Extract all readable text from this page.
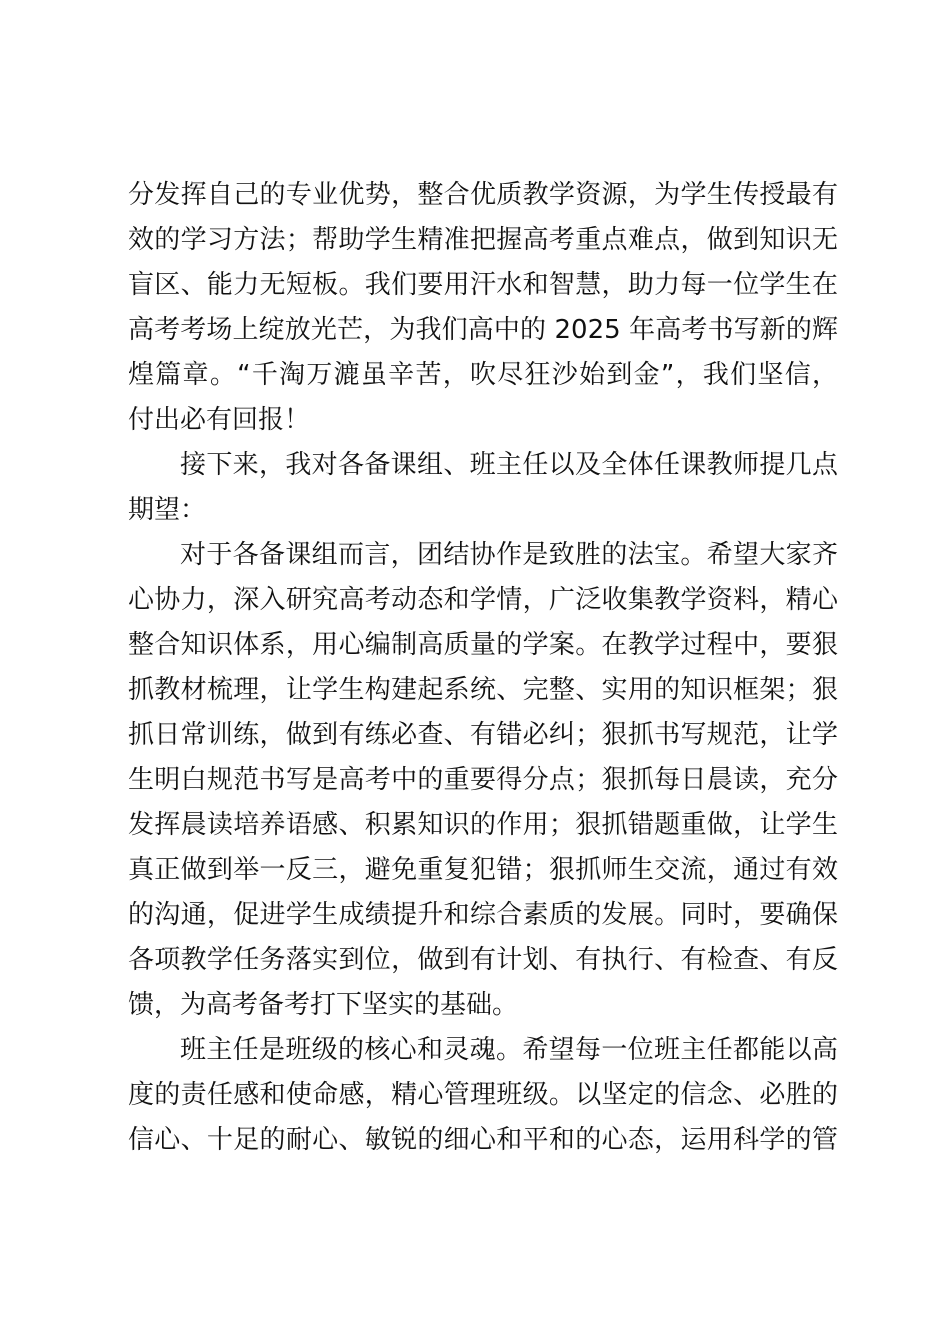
分发挥自己的专业优势，整合优质教学资源，为学生传授最有
效的学习方法；帮助学生精准把握高考重点难点，做到知识无
盲区、能力无短板。我们要用汗水和智慧，助力每一位学生在
高考考场上绽放光芒，为我们高中的 2025 年高考书写新的辉
煌篇章。“千淘万漉虽辛苦，吹尽狂沙始到金”，我们坚信，
付出必有回报！
接下来，我对各备课组、班主任以及全体任课教师提几点
期望：
对于各备课组而言，团结协作是致胜的法宝。希望大家齐
心协力，深入研究高考动态和学情，广泛收集教学资料，精心
整合知识体系，用心编制高质量的学案。在教学过程中，要狠
抓教材梳理，让学生构建起系统、完整、实用的知识框架；狠
抓日常训练，做到有练必查、有错必纠；狠抓书写规范，让学
生明白规范书写是高考中的重要得分点；狠抓每日晨读，充分
发挥晨读培养语感、积累知识的作用；狠抓错题重做，让学生
真正做到举一反三，避免重复犯错；狠抓师生交流，通过有效
的沟通，促进学生成绩提升和综合素质的发展。同时，要确保
各项教学任务落实到位，做到有计划、有执行、有检查、有反
馈，为高考备考打下坚实的基础。
班主任是班级的核心和灵魂。希望每一位班主任都能以高
度的责任感和使命感，精心管理班级。以坚定的信念、必胜的
信心、十足的耐心、敏锐的细心和平和的心态，运用科学的管
